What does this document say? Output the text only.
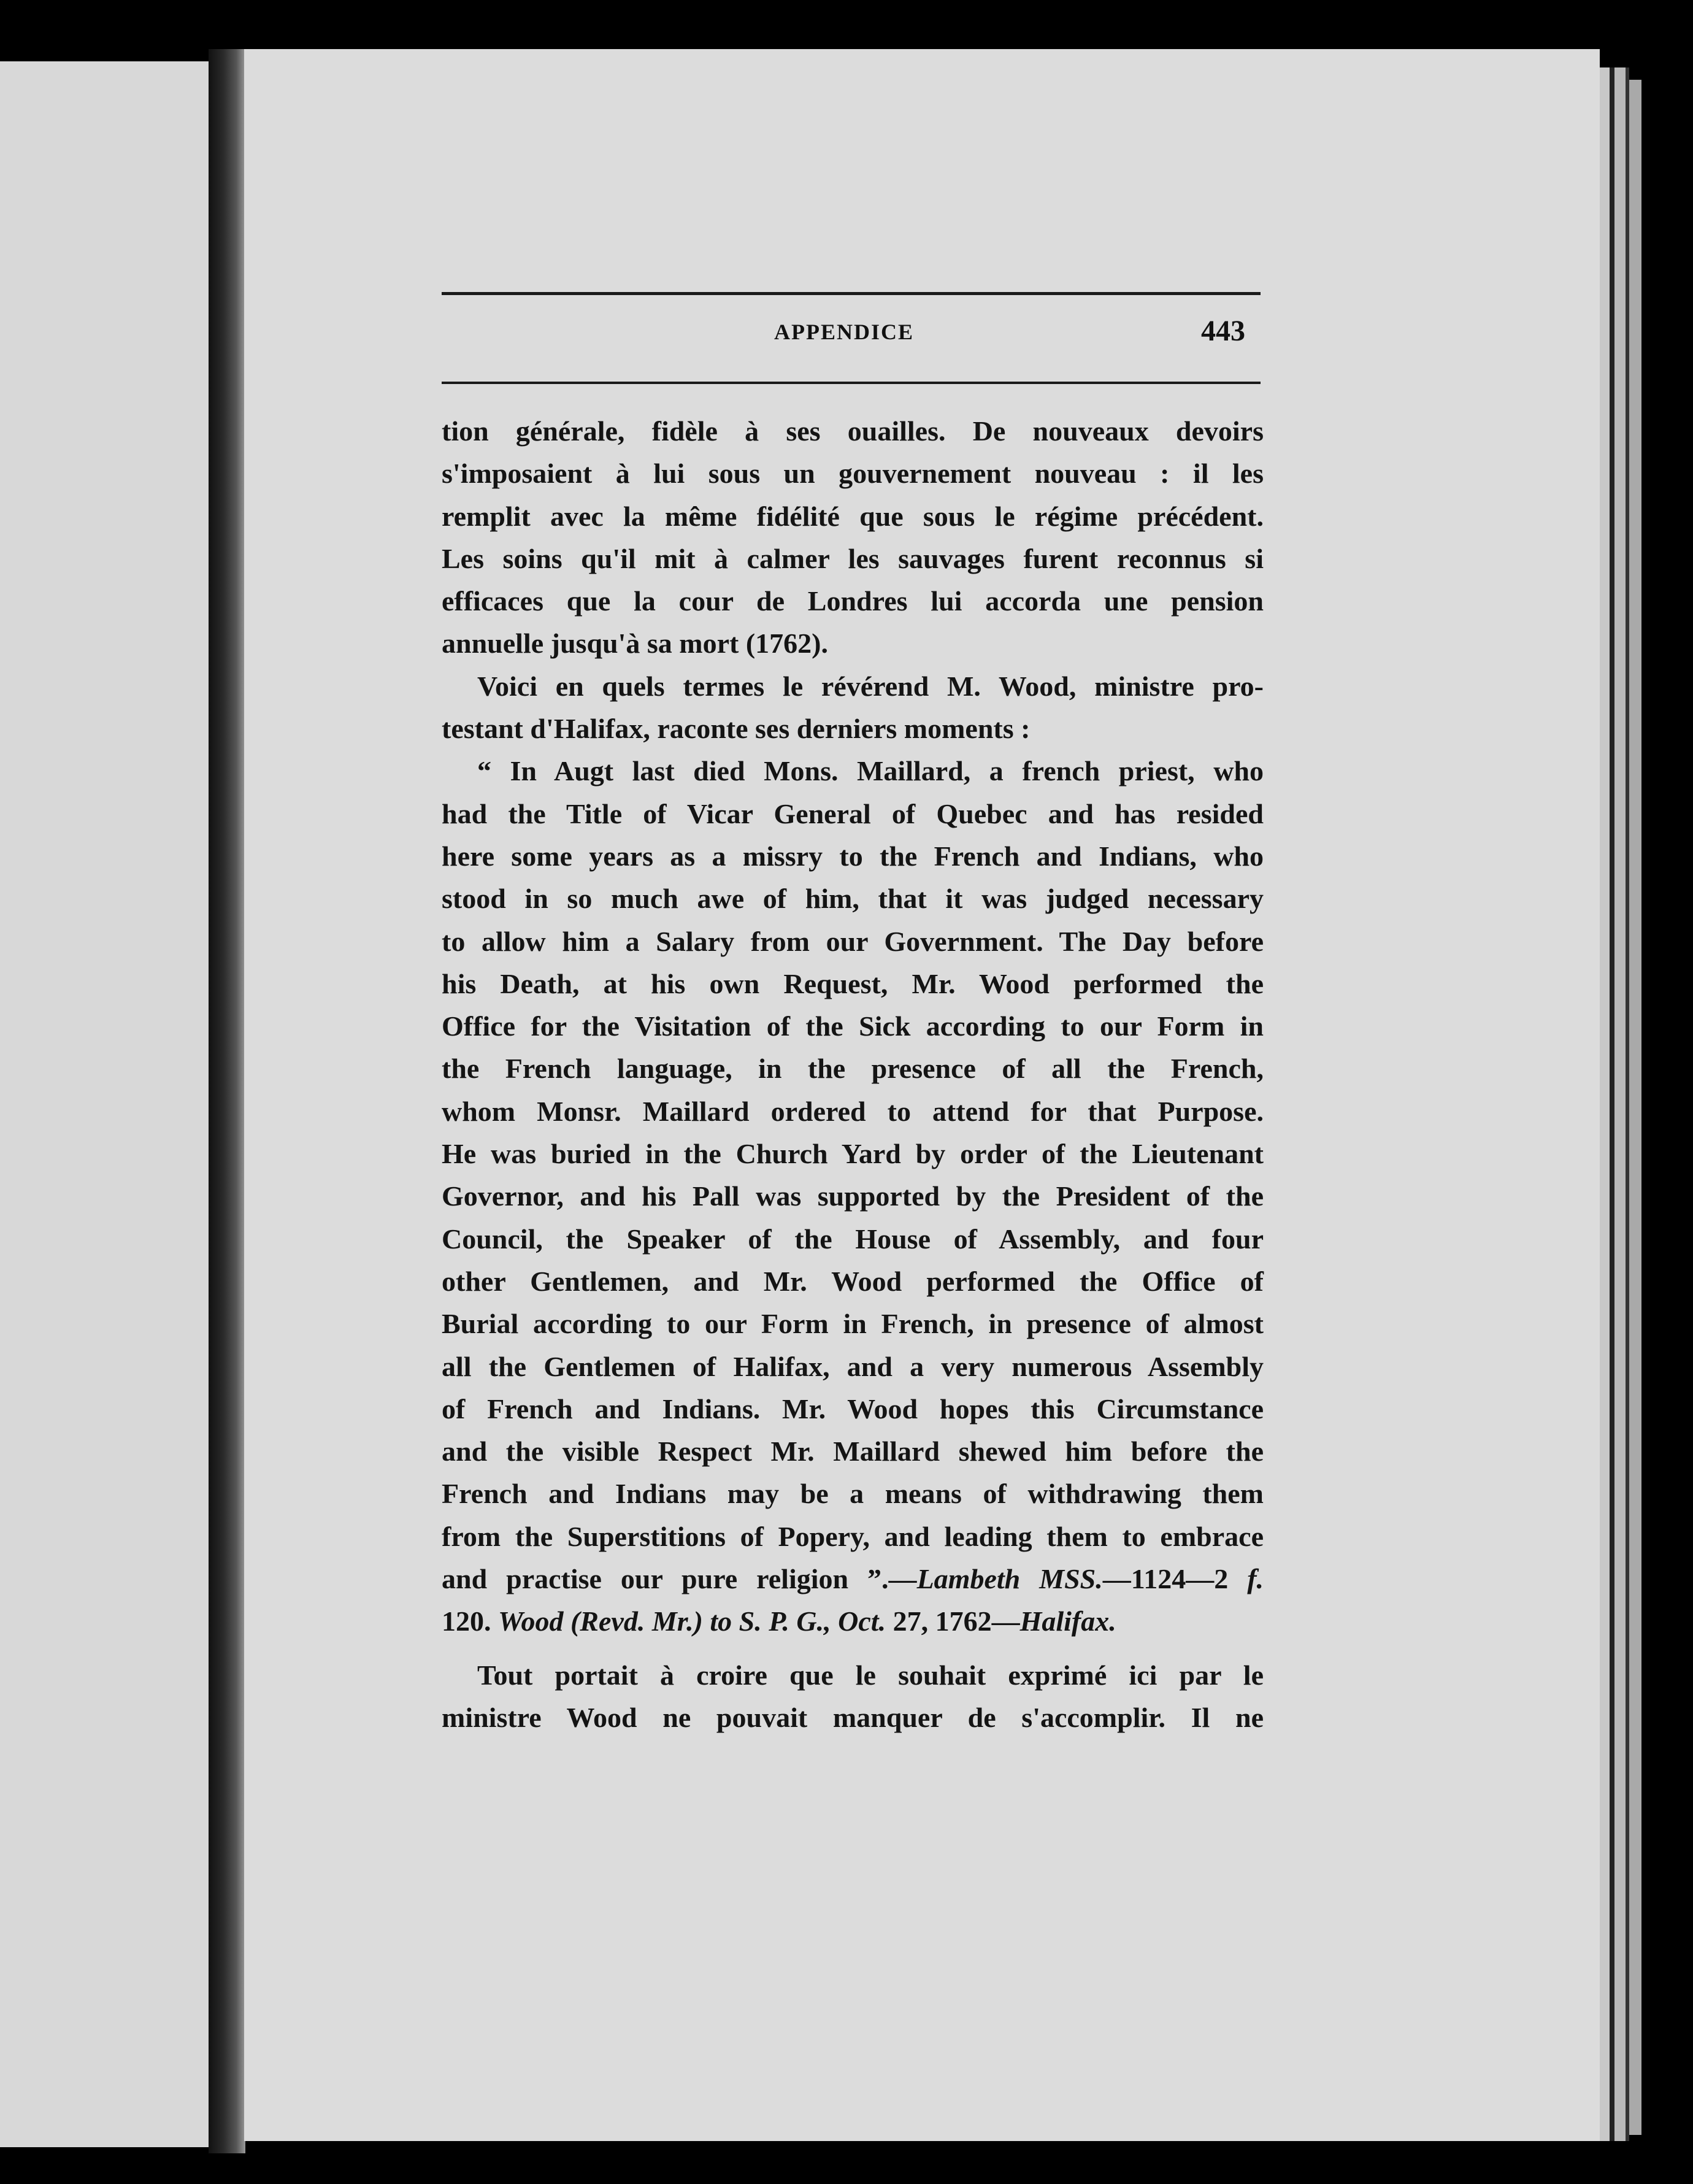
APPENDICE	443

tion générale, fidèle à ses ouailles. De nouveaux devoirs
s'imposaient à lui sous un gouvernement nouveau : il les
remplit avec la même fidélité que sous le régime précédent.
Les soins qu'il mit à calmer les sauvages furent reconnus si
efficaces que la cour de Londres lui accorda une pension
annuelle jusqu'à sa mort (1762).

Voici en quels termes le révérend M. Wood, ministre pro-
testant d'Halifax, raconte ses derniers moments :

“ In Augt last died Mons. Maillard, a french priest, who
had the Title of Vicar General of Quebec and has resided
here some years as a missry to the French and Indians, who
stood in so much awe of him, that it was judged necessary
to allow him a Salary from our Government. The Day before
his Death, at his own Request, Mr. Wood performed the
Office for the Visitation of the Sick according to our Form in
the French language, in the presence of all the French,
whom Monsr. Maillard ordered to attend for that Purpose.
He was buried in the Church Yard by order of the Lieutenant
Governor, and his Pall was supported by the President of the
Council, the Speaker of the House of Assembly, and four
other Gentlemen, and Mr. Wood performed the Office of
Burial according to our Form in French, in presence of almost
all the Gentlemen of Halifax, and a very numerous Assembly
of French and Indians. Mr. Wood hopes this Circumstance
and the visible Respect Mr. Maillard shewed him before the
French and Indians may be a means of withdrawing them
from the Superstitions of Popery, and leading them to embrace
and practise our pure religion ”.—Lambeth MSS.—1124—2 f.
120. Wood (Revd. Mr.) to S. P. G., Oct. 27, 1762—Halifax.

Tout portait à croire que le souhait exprimé ici par le
ministre Wood ne pouvait manquer de s'accomplir. Il ne
